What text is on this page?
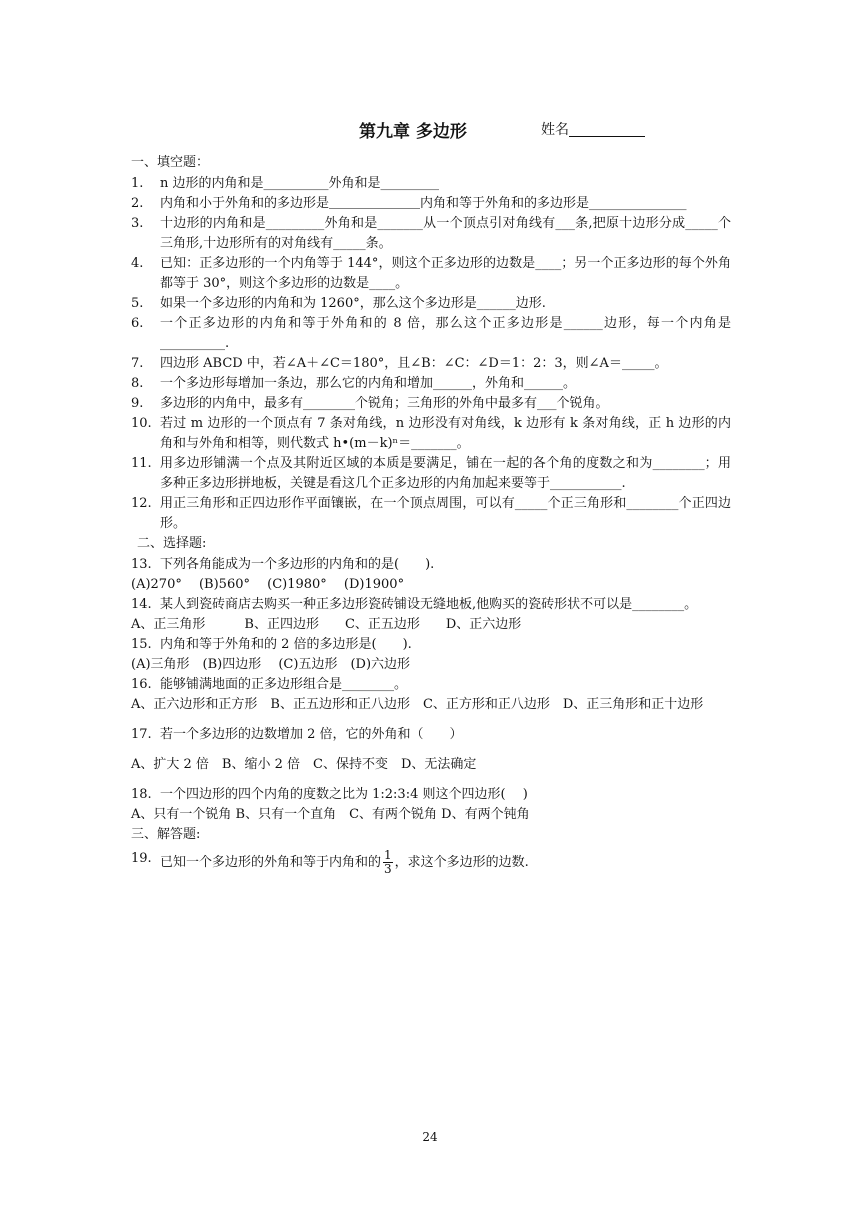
第九章 多边形	姓名
一、填空题：
1.	n 边形的内角和是__________外角和是_________
2.	内角和小于外角和的多边形是＿＿＿＿＿＿＿内角和等于外角和的多边形是_______________
3.	十边形的内角和是_________外角和是_______从一个顶点引对角线有___条,把原十边形分成_____个三角形,十边形所有的对角线有_____条。
4.	已知：正多边形的一个内角等于 144°，则这个正多边形的边数是____；另一个正多边形的每个外角都等于 30°，则这个多边形的边数是____。
5.	如果一个多边形的内角和为 1260°，那么这个多边形是______边形.
6.	一个正多边形的内角和等于外角和的 8 倍，那么这个正多边形是______边形，每一个内角是__________.
7.	四边形 ABCD 中，若∠A＋∠C＝180°，且∠B：∠C：∠D＝1：2：3，则∠A＝_____。
8.	一个多边形每增加一条边，那么它的内角和增加______，外角和______。
9.	多边形的内角中，最多有________个锐角；三角形的外角中最多有___个锐角。
10. 若过 m 边形的一个顶点有 7 条对角线，n 边形没有对角线，k 边形有 k 条对角线，正 h 边形的内角和与外角和相等，则代数式 h•(m－k)ⁿ＝_______。
11. 用多边形铺满一个点及其附近区域的本质是要满足，铺在一起的各个角的度数之和为________；用多种正多边形拼地板，关键是看这几个正多边形的内角加起来要等于___________.
12. 用正三角形和正四边形作平面镶嵌，在一个顶点周围，可以有_____个正三角形和________个正四边形。
二、选择题:
13. 下列各角能成为一个多边形的内角和的是(　　).
(A)270°　 (B)560°　 (C)1980°　 (D)1900°
14. 某人到瓷砖商店去购买一种正多边形瓷砖铺设无缝地板,他购买的瓷砖形状不可以是________。
A、正三角形　　　B、正四边形　　C、正五边形　　D、正六边形
15. 内角和等于外角和的 2 倍的多边形是(　　).
(A)三角形　(B)四边形　 (C)五边形　(D)六边形
16. 能够铺满地面的正多边形组合是________。
A、正六边形和正方形　B、正五边形和正八边形　C、正方形和正八边形　D、正三角形和正十边形
17. 若一个多边形的边数增加 2 倍，它的外角和（　　）
A、扩大 2 倍　B、缩小 2 倍　C、保持不变　D、无法确定
18. 一个四边形的四个内角的度数之比为 1:2:3:4 则这个四边形(　 )
A、只有一个锐角 B、只有一个直角　C、有两个锐角 D、有两个钝角
三、解答题:
19. 已知一个多边形的外角和等于内角和的 $\frac{1}{3}$ ，求这个多边形的边数.
24
